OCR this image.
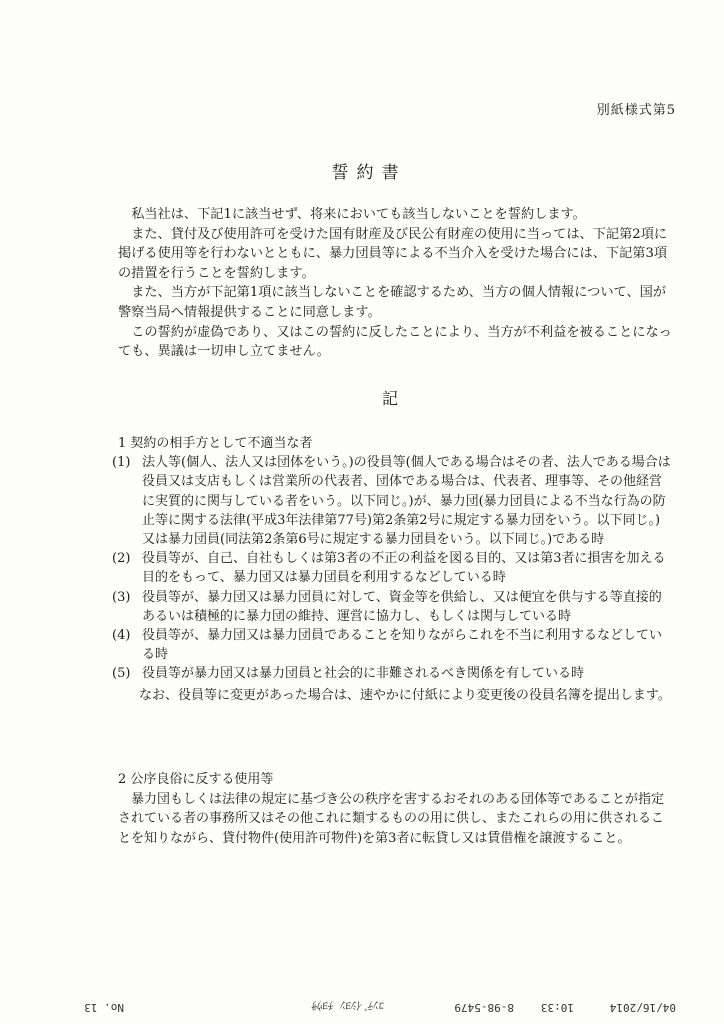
別紙様式第5
誓約書

私当社は、下記1に該当せず、将来においても該当しないことを誓約します。

また、貸付及び使用許可を受けた国有財産及び民公有財産の使用に当っては、下記第2項に掲げる使用等を行わないとともに、暴力団員等による不当介入を受けた場合には、下記第3項の措置を行うことを誓約します。

また、当方が下記第1項に該当しないことを確認するため、当方の個人情報について、国が警察当局へ情報提供することに同意します。

この誓約が虚偽であり、又はこの誓約に反したことにより、当方が不利益を被ることになっても、異議は一切申し立てません。

記

1 契約の相手方として不適当な者

(1) 法人等(個人、法人又は団体をいう。)の役員等(個人である場合はその者、法人である場合は役員又は支店もしくは営業所の代表者、団体である場合は、代表者、理事等、その他経営に実質的に関与している者をいう。以下同じ。)が、暴力団(暴力団員による不当な行為の防止等に関する法律(平成3年法律第77号)第2条第2号に規定する暴力団をいう。以下同じ。)又は暴力団員(同法第2条第6号に規定する暴力団員をいう。以下同じ。)である時
(2) 役員等が、自己、自社もしくは第3者の不正の利益を図る目的、又は第3者に損害を加える目的をもって、暴力団又は暴力団員を利用するなどしている時
(3) 役員等が、暴力団又は暴力団員に対して、資金等を供給し、又は便宜を供与する等直接的あるいは積極的に暴力団の維持、運営に協力し、もしくは関与している時
(4) 役員等が、暴力団又は暴力団員であることを知りながらこれを不当に利用するなどしている時
(5) 役員等が暴力団又は暴力団員と社会的に非難されるべき関係を有している時

なお、役員等に変更があった場合は、速やかに付紙により変更後の役員名簿を提出します。

2 公序良俗に反する使用等

暴力団もしくは法律の規定に基づき公の秩序を害するおそれのある団体等であることが指定されている者の事務所又はその他これに類するものの用に供し、またこれらの用に供されることを知りながら、貸付物件(使用許可物件)を第3者に転貸し又は賃借権を譲渡すること。

04/16/2014
10:33
8-98-5479
ｺﾝﾃﾞｲｼﾖﾝ ﾁﾖｳｻ
No. 13
